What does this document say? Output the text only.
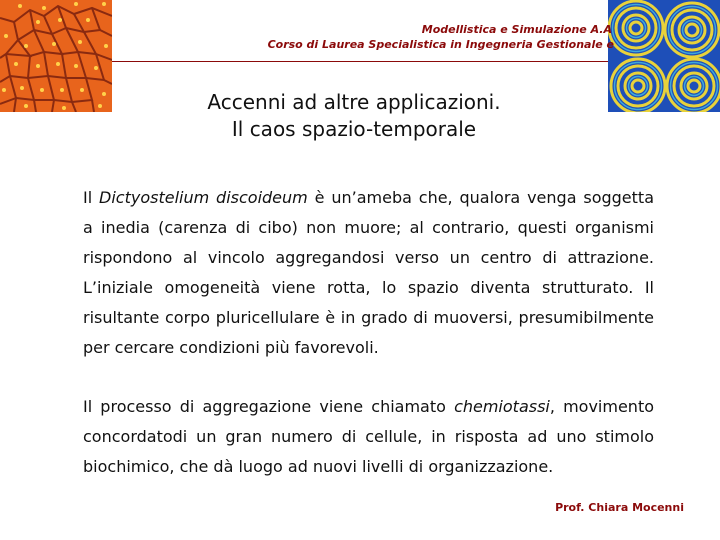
Modellistica e Simulazione A.A
Corso di Laurea Specialistica in Ingegneria Gestionale e
Accenni ad altre applicazioni.
Il caos spazio-temporale
Il Dictyostelium discoideum è un’ameba che, qualora venga soggetta a inedia (carenza di cibo) non muore; al contrario, questi organismi rispondono al vincolo aggregandosi verso un centro di attrazione. L’iniziale omogeneità viene rotta, lo spazio diventa strutturato. Il risultante corpo pluricellulare è in grado di muoversi, presumibilmente per cercare condizioni più favorevoli.
Il processo di aggregazione viene chiamato chemiotassi, movimento concordatodi un gran numero di cellule, in risposta ad uno stimolo biochimico, che dà luogo ad nuovi livelli di organizzazione.
Prof. Chiara Mocenni
